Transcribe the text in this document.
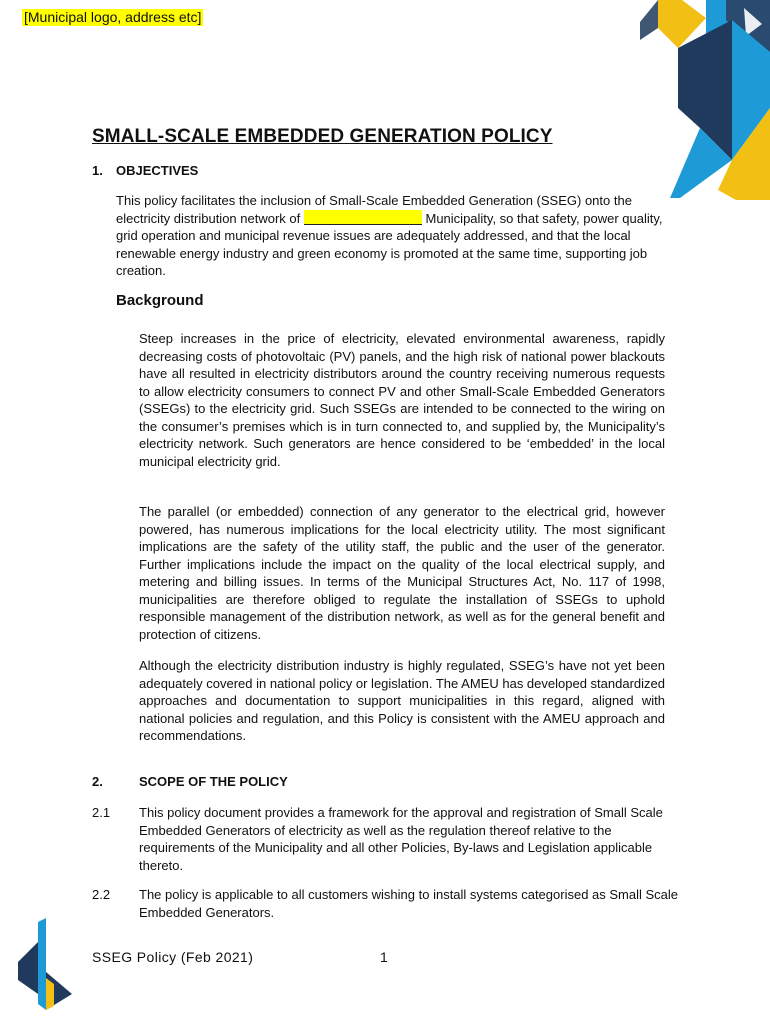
[Municipal logo, address etc]
SMALL-SCALE EMBEDDED GENERATION POLICY
1. OBJECTIVES
This policy facilitates the inclusion of Small-Scale Embedded Generation (SSEG) onto the electricity distribution network of	Municipality, so that safety, power quality, grid operation and municipal revenue issues are adequately addressed, and that the local renewable energy industry and green economy is promoted at the same time, supporting job creation.
Background
Steep increases in the price of electricity, elevated environmental awareness, rapidly decreasing costs of photovoltaic (PV) panels, and the high risk of national power blackouts have all resulted in electricity distributors around the country receiving numerous requests to allow electricity consumers to connect PV and other Small-Scale Embedded Generators (SSEGs) to the electricity grid. Such SSEGs are intended to be connected to the wiring on the consumer’s premises which is in turn connected to, and supplied by, the Municipality’s electricity network. Such generators are hence considered to be ‘embedded’ in the local municipal electricity grid.
The parallel (or embedded) connection of any generator to the electrical grid, however powered, has numerous implications for the local electricity utility. The most significant implications are the safety of the utility staff, the public and the user of the generator. Further implications include the impact on the quality of the local electrical supply, and metering and billing issues. In terms of the Municipal Structures Act, No. 117 of 1998, municipalities are therefore obliged to regulate the installation of SSEGs to uphold responsible management of the distribution network, as well as for the general benefit and protection of citizens.
Although the electricity distribution industry is highly regulated, SSEG’s have not yet been adequately covered in national policy or legislation. The AMEU has developed standardized approaches and documentation to support municipalities in this regard, aligned with national policies and regulation, and this Policy is consistent with the AMEU approach and recommendations.
2.	SCOPE OF THE POLICY
2.1 This policy document provides a framework for the approval and registration of Small Scale Embedded Generators of electricity as well as the regulation thereof relative to the requirements of the Municipality and all other Policies, By-laws and Legislation applicable thereto.
2.2 The policy is applicable to all customers wishing to install systems categorised as Small Scale Embedded Generators.
SSEG Policy (Feb 2021)	1
